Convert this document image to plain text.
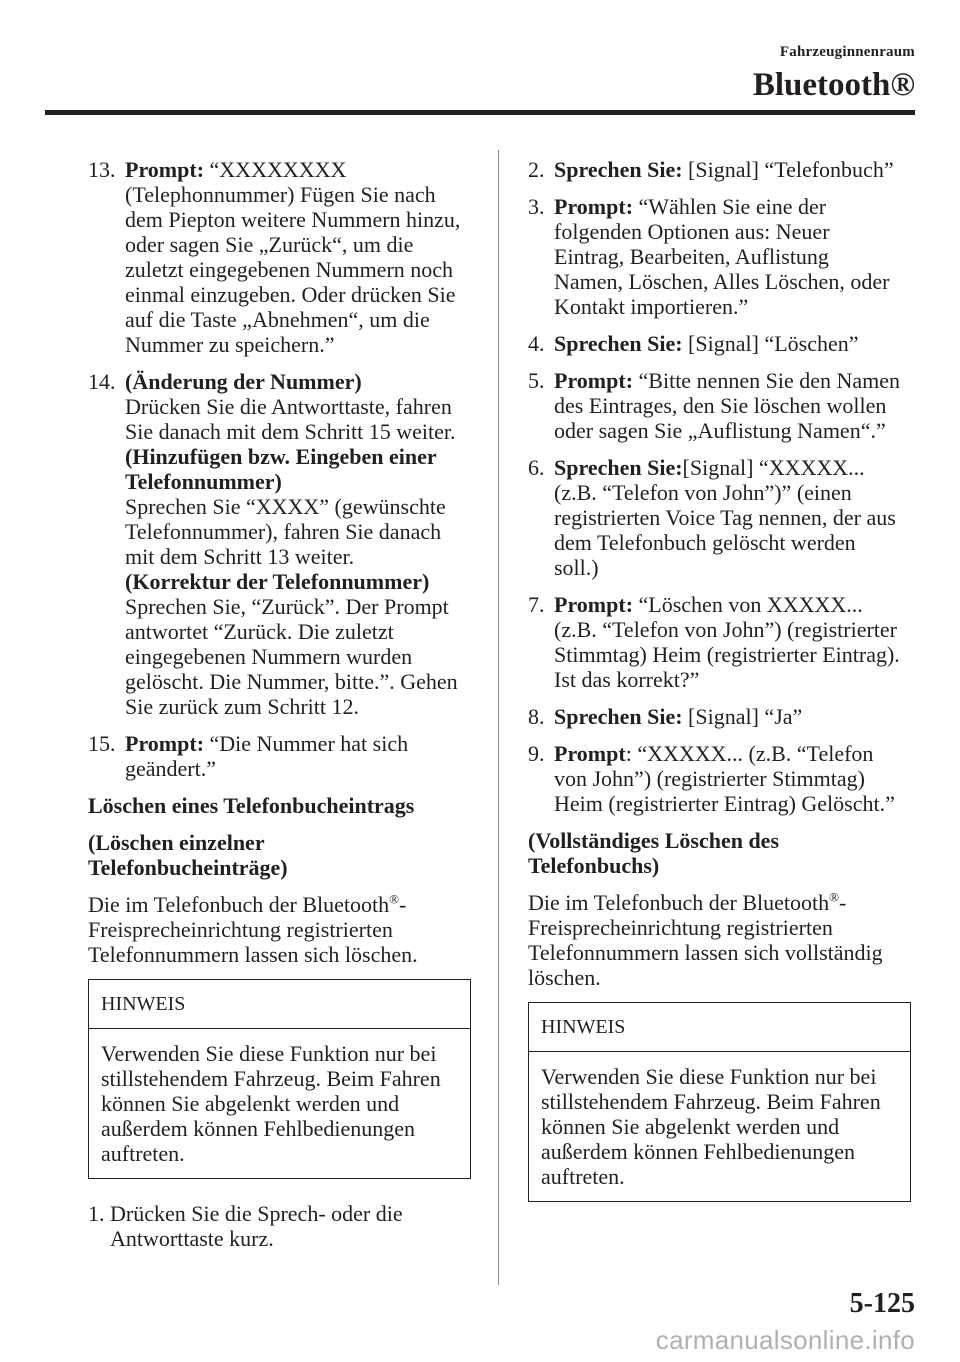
Fahrzeuginnenraum
Bluetooth®
13. Prompt: “XXXXXXXX
(Telephonnummer) Fügen Sie nach
dem Piepton weitere Nummern hinzu,
oder sagen Sie „Zurück“, um die
zuletzt eingegebenen Nummern noch
einmal einzugeben. Oder drücken Sie
auf die Taste „Abnehmen“, um die
Nummer zu speichern.”
14. (Änderung der Nummer)
Drücken Sie die Antworttaste, fahren
Sie danach mit dem Schritt 15 weiter.
(Hinzufügen bzw. Eingeben einer
Telefonnummer)
Sprechen Sie “XXXX” (gewünschte
Telefonnummer), fahren Sie danach
mit dem Schritt 13 weiter.
(Korrektur der Telefonnummer)
Sprechen Sie, “Zurück”. Der Prompt
antwortet “Zurück. Die zuletzt
eingegebenen Nummern wurden
gelöscht. Die Nummer, bitte.”. Gehen
Sie zurück zum Schritt 12.
15. Prompt: “Die Nummer hat sich
geändert.”
Löschen eines Telefonbucheintrags
(Löschen einzelner
Telefonbucheinträge)
Die im Telefonbuch der Bluetooth®-
Freisprecheinrichtung registrierten
Telefonnummern lassen sich löschen.
HINWEIS
Verwenden Sie diese Funktion nur bei
stillstehendem Fahrzeug. Beim Fahren
können Sie abgelenkt werden und
außerdem können Fehlbedienungen
auftreten.
1. Drücken Sie die Sprech- oder die
Antworttaste kurz.
2. Sprechen Sie: [Signal] “Telefonbuch”
3. Prompt: “Wählen Sie eine der
folgenden Optionen aus: Neuer
Eintrag, Bearbeiten, Auflistung
Namen, Löschen, Alles Löschen, oder
Kontakt importieren.”
4. Sprechen Sie: [Signal] “Löschen”
5. Prompt: “Bitte nennen Sie den Namen
des Eintrages, den Sie löschen wollen
oder sagen Sie „Auflistung Namen“.”
6. Sprechen Sie:[Signal] “XXXXX...
(z.B. “Telefon von John”)” (einen
registrierten Voice Tag nennen, der aus
dem Telefonbuch gelöscht werden
soll.)
7. Prompt: “Löschen von XXXXX...
(z.B. “Telefon von John”) (registrierter
Stimmtag) Heim (registrierter Eintrag).
Ist das korrekt?”
8. Sprechen Sie: [Signal] “Ja”
9. Prompt: “XXXXX... (z.B. “Telefon
von John”) (registrierter Stimmtag)
Heim (registrierter Eintrag) Gelöscht.”
(Vollständiges Löschen des
Telefonbuchs)
Die im Telefonbuch der Bluetooth®-
Freisprecheinrichtung registrierten
Telefonnummern lassen sich vollständig
löschen.
HINWEIS
Verwenden Sie diese Funktion nur bei
stillstehendem Fahrzeug. Beim Fahren
können Sie abgelenkt werden und
außerdem können Fehlbedienungen
auftreten.
5-125
carmanualsonline.info
